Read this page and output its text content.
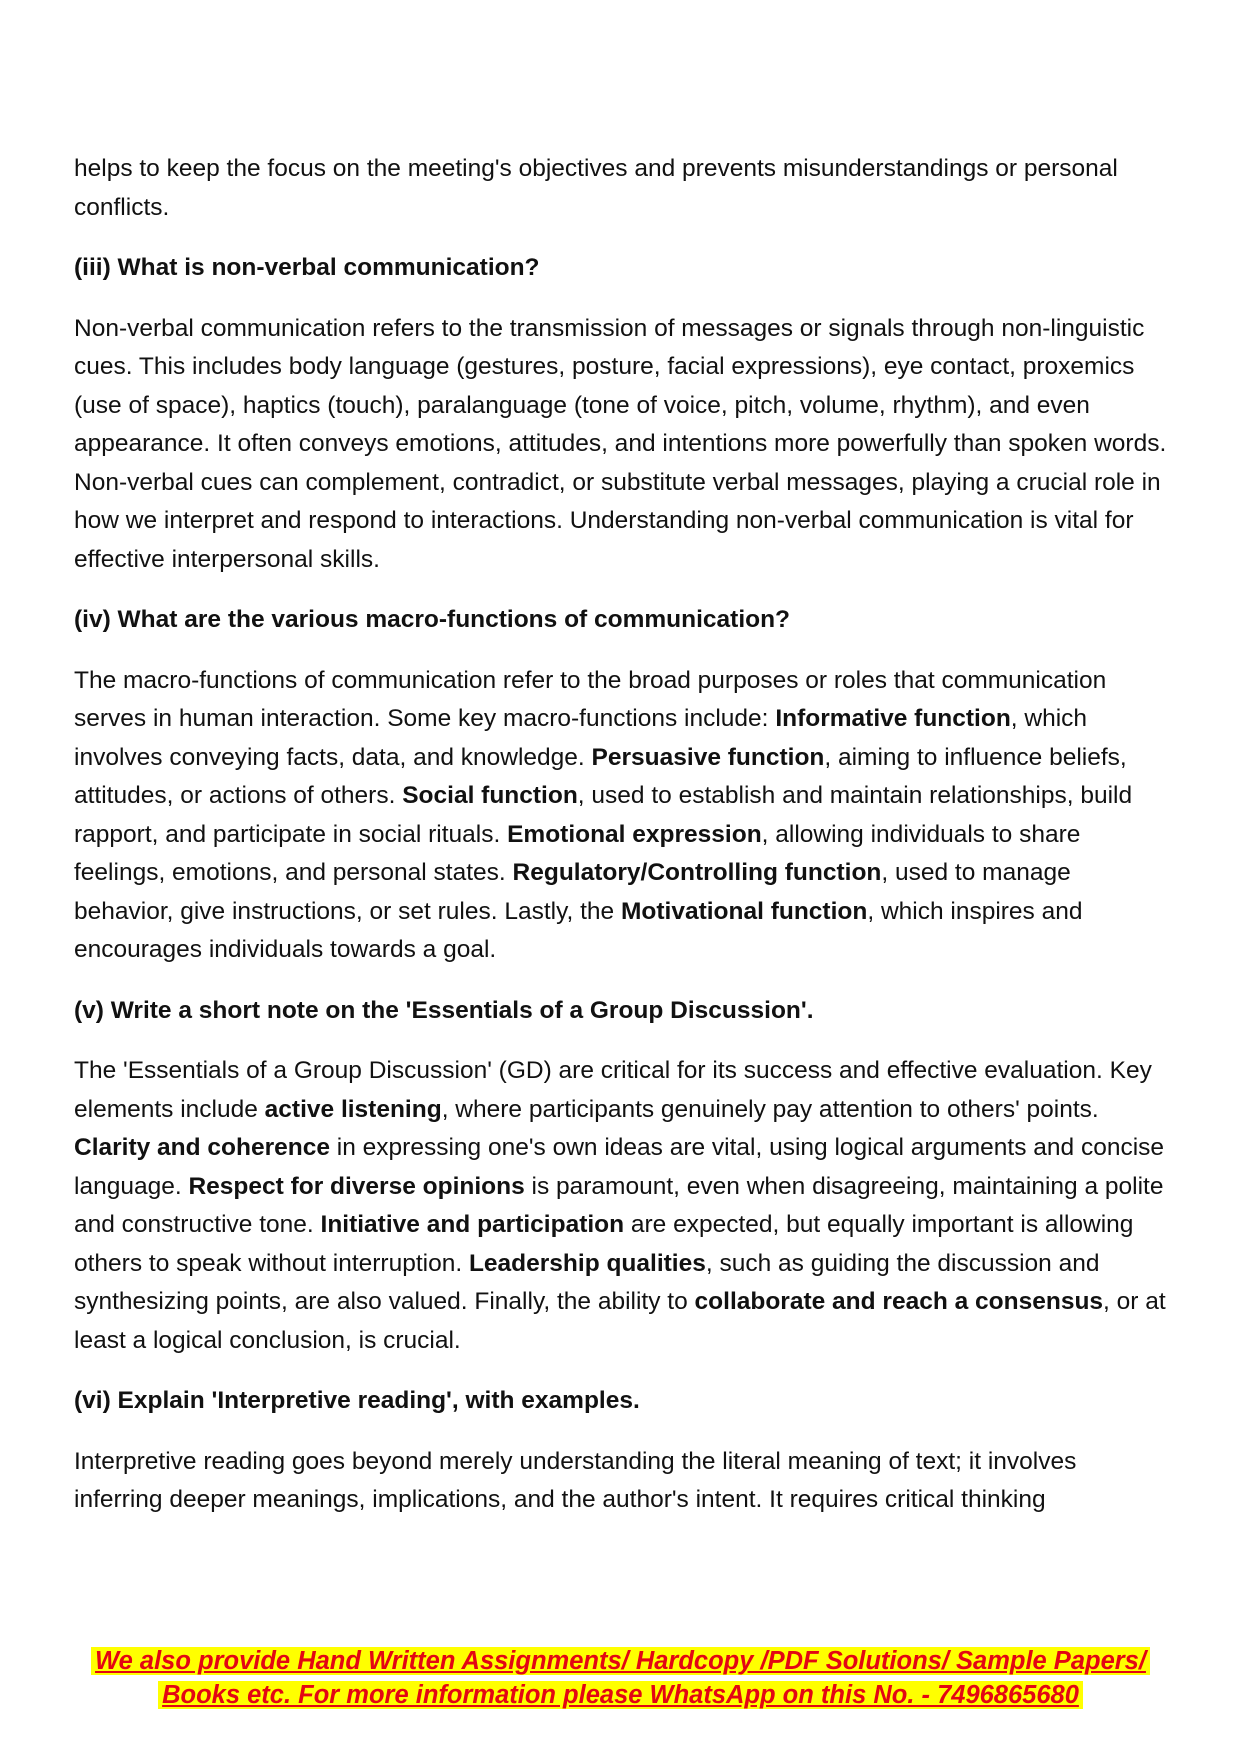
helps to keep the focus on the meeting's objectives and prevents misunderstandings or personal conflicts.

(iii) What is non-verbal communication?

Non-verbal communication refers to the transmission of messages or signals through non-linguistic cues. This includes body language (gestures, posture, facial expressions), eye contact, proxemics (use of space), haptics (touch), paralanguage (tone of voice, pitch, volume, rhythm), and even appearance. It often conveys emotions, attitudes, and intentions more powerfully than spoken words. Non-verbal cues can complement, contradict, or substitute verbal messages, playing a crucial role in how we interpret and respond to interactions. Understanding non-verbal communication is vital for effective interpersonal skills.

(iv) What are the various macro-functions of communication?

The macro-functions of communication refer to the broad purposes or roles that communication serves in human interaction. Some key macro-functions include: Informative function, which involves conveying facts, data, and knowledge. Persuasive function, aiming to influence beliefs, attitudes, or actions of others. Social function, used to establish and maintain relationships, build rapport, and participate in social rituals. Emotional expression, allowing individuals to share feelings, emotions, and personal states. Regulatory/Controlling function, used to manage behavior, give instructions, or set rules. Lastly, the Motivational function, which inspires and encourages individuals towards a goal.

(v) Write a short note on the 'Essentials of a Group Discussion'.

The 'Essentials of a Group Discussion' (GD) are critical for its success and effective evaluation. Key elements include active listening, where participants genuinely pay attention to others' points. Clarity and coherence in expressing one's own ideas are vital, using logical arguments and concise language. Respect for diverse opinions is paramount, even when disagreeing, maintaining a polite and constructive tone. Initiative and participation are expected, but equally important is allowing others to speak without interruption. Leadership qualities, such as guiding the discussion and synthesizing points, are also valued. Finally, the ability to collaborate and reach a consensus, or at least a logical conclusion, is crucial.

(vi) Explain 'Interpretive reading', with examples.

Interpretive reading goes beyond merely understanding the literal meaning of text; it involves inferring deeper meanings, implications, and the author's intent. It requires critical thinking

We also provide Hand Written Assignments/ Hardcopy /PDF Solutions/ Sample Papers/
Books etc. For more information please WhatsApp on this No. - 7496865680
